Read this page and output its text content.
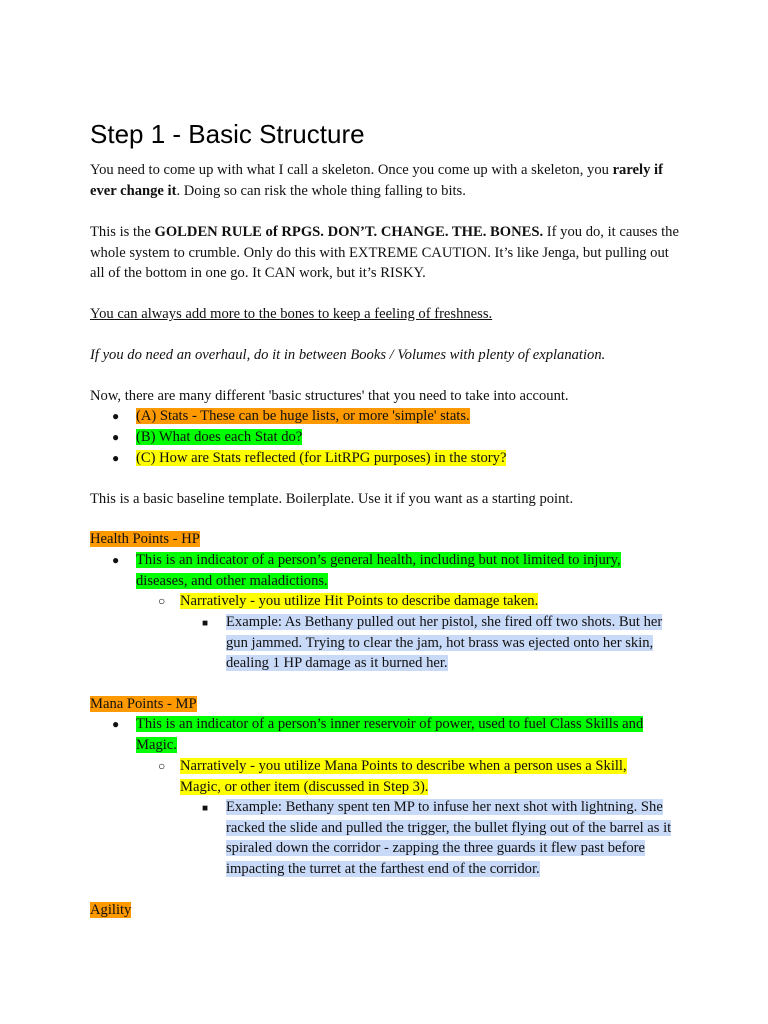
Step 1 - Basic Structure

You need to come up with what I call a skeleton. Once you come up with a skeleton, you rarely if ever change it. Doing so can risk the whole thing falling to bits.

This is the GOLDEN RULE of RPGS. DON’T. CHANGE. THE. BONES. If you do, it causes the whole system to crumble. Only do this with EXTREME CAUTION. It’s like Jenga, but pulling out all of the bottom in one go. It CAN work, but it’s RISKY.

You can always add more to the bones to keep a feeling of freshness.

If you do need an overhaul, do it in between Books / Volumes with plenty of explanation.

Now, there are many different 'basic structures' that you need to take into account.

●	(A) Stats - These can be huge lists, or more 'simple' stats.
●	(B) What does each Stat do?
●	(C) How are Stats reflected (for LitRPG purposes) in the story?

This is a basic baseline template. Boilerplate. Use it if you want as a starting point.

Health Points - HP

●	This is an indicator of a person’s general health, including but not limited to injury, diseases, and other maladictions.
○	Narratively - you utilize Hit Points to describe damage taken.
■	Example: As Bethany pulled out her pistol, she fired off two shots. But her gun jammed. Trying to clear the jam, hot brass was ejected onto her skin, dealing 1 HP damage as it burned her.

Mana Points - MP

●	This is an indicator of a person’s inner reservoir of power, used to fuel Class Skills and Magic.
○	Narratively - you utilize Mana Points to describe when a person uses a Skill, Magic, or other item (discussed in Step 3).
■	Example: Bethany spent ten MP to infuse her next shot with lightning. She racked the slide and pulled the trigger, the bullet flying out of the barrel as it spiraled down the corridor - zapping the three guards it flew past before impacting the turret at the farthest end of the corridor.

Agility
